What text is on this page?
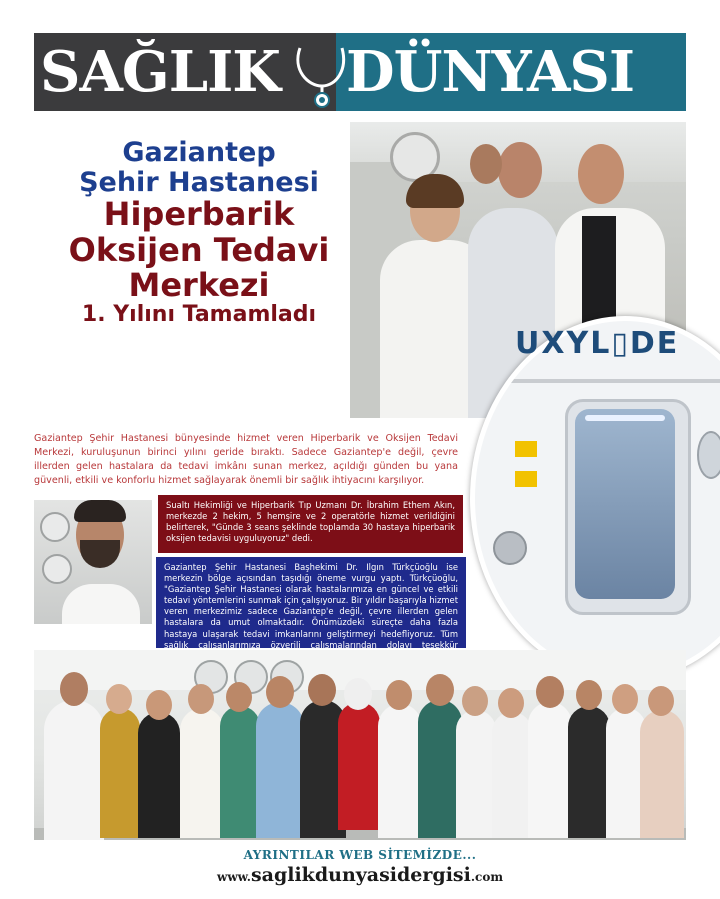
SAĞLIK DÜNYASI
Gaziantep
Şehir Hastanesi
Hiperbarik
Oksijen Tedavi
Merkezi
1. Yılını Tamamladı
UXYL▯DE
Gaziantep Şehir Hastanesi bünyesinde hizmet veren Hiperbarik ve Oksijen Tedavi Merkezi, kuruluşunun birinci yılını geride bıraktı. Sadece Gaziantep'e değil, çevre illerden gelen hastalara da tedavi imkânı sunan merkez, açıldığı günden bu yana güvenli, etkili ve konforlu hizmet sağlayarak önemli bir sağlık ihtiyacını karşılıyor.
Sualtı Hekimliği ve Hiperbarik Tıp Uzmanı Dr. İbrahim Ethem Akın, merkezde 2 hekim, 5 hemşire ve 2 operatörle hizmet verildiğini belirterek, "Günde 3 seans şeklinde toplamda 30 hastaya hiperbarik oksijen tedavisi uyguluyoruz" dedi.
Gaziantep Şehir Hastanesi Başhekimi Dr. Ilgın Türkçüoğlu ise merkezin bölge açısından taşıdığı öneme vurgu yaptı. Türkçüoğlu, "Gaziantep Şehir Hastanesi olarak hastalarımıza en güncel ve etkili tedavi yöntemlerini sunmak için çalışıyoruz. Bir yıldır başarıyla hizmet veren merkezimiz sadece Gaziantep'e değil, çevre illerden gelen hastalara da umut olmaktadır. Önümüzdeki süreçte daha fazla hastaya ulaşarak tedavi imkanlarını geliştirmeyi hedefliyoruz. Tüm sağlık çalışanlarımıza özverili çalışmalarından dolayı teşekkür
AYRINTILAR WEB SİTEMİZDE...
www.saglikdunyasidergisi.com
